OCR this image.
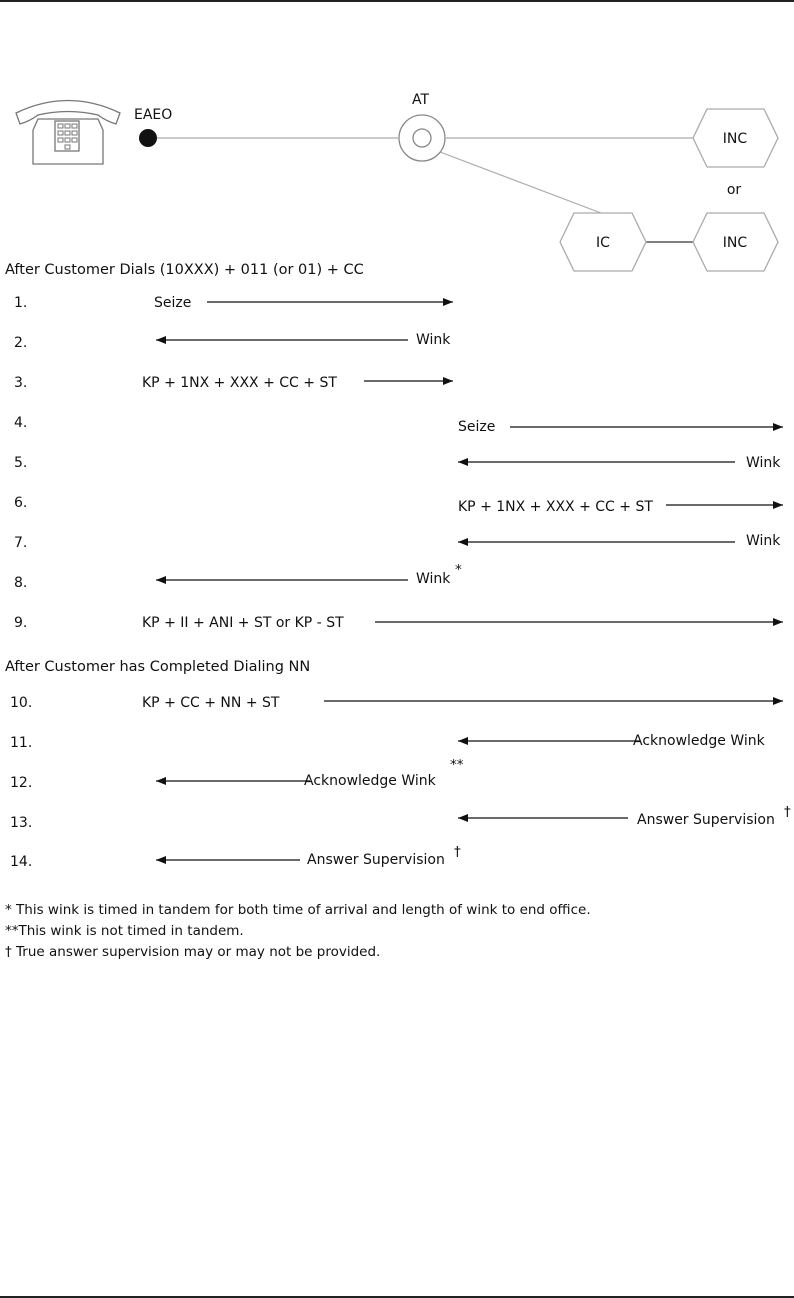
EAEO
AT
INC
or
IC	INC
After Customer Dials (10XXX) + 011 (or 01) + CC
After Customer has Completed Dialing NN
1.	Seize
2.	Wink
3.	KP + 1NX + XXX + CC + ST
4.	Seize
5.	Wink
6.	KP + 1NX + XXX + CC + ST
7.	Wink
8.	Wink
*
9.	KP + II + ANI + ST or KP - ST
10.	KP + CC + NN + ST
11.	Acknowledge Wink
12.	Acknowledge Wink
**
13.	Answer Supervision †
14.	Answer Supervision †
* This wink is timed in tandem for both time of arrival and length of wink to end office.
**This wink is not timed in tandem.
† True answer supervision may or may not be provided.
